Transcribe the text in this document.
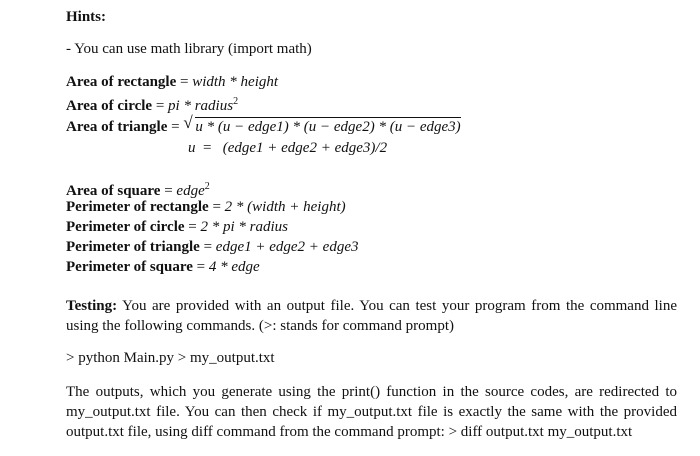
Hints:
- You can use math library (import math)
Area of rectangle = width * height
Area of circle = pi * radius$^2$
Area of triangle = √ u * (u − edge1) * (u − edge2) * (u − edge3)
u  =   (edge1 + edge2 + edge3)/2
Area of square = edge$^2$
Perimeter of rectangle = 2 * (width + height)
Perimeter of circle = 2 * pi * radius
Perimeter of triangle = edge1 + edge2 + edge3
Perimeter of square = 4 * edge
Testing: You are provided with an output file. You can test your program from the command line using the following commands. (>: stands for command prompt)
> python Main.py > my_output.txt
The outputs, which you generate using the print() function in the source codes, are redirected to my_output.txt file. You can then check if my_output.txt file is exactly the same with the provided output.txt file, using diff command from the command prompt: > diff output.txt my_output.txt
